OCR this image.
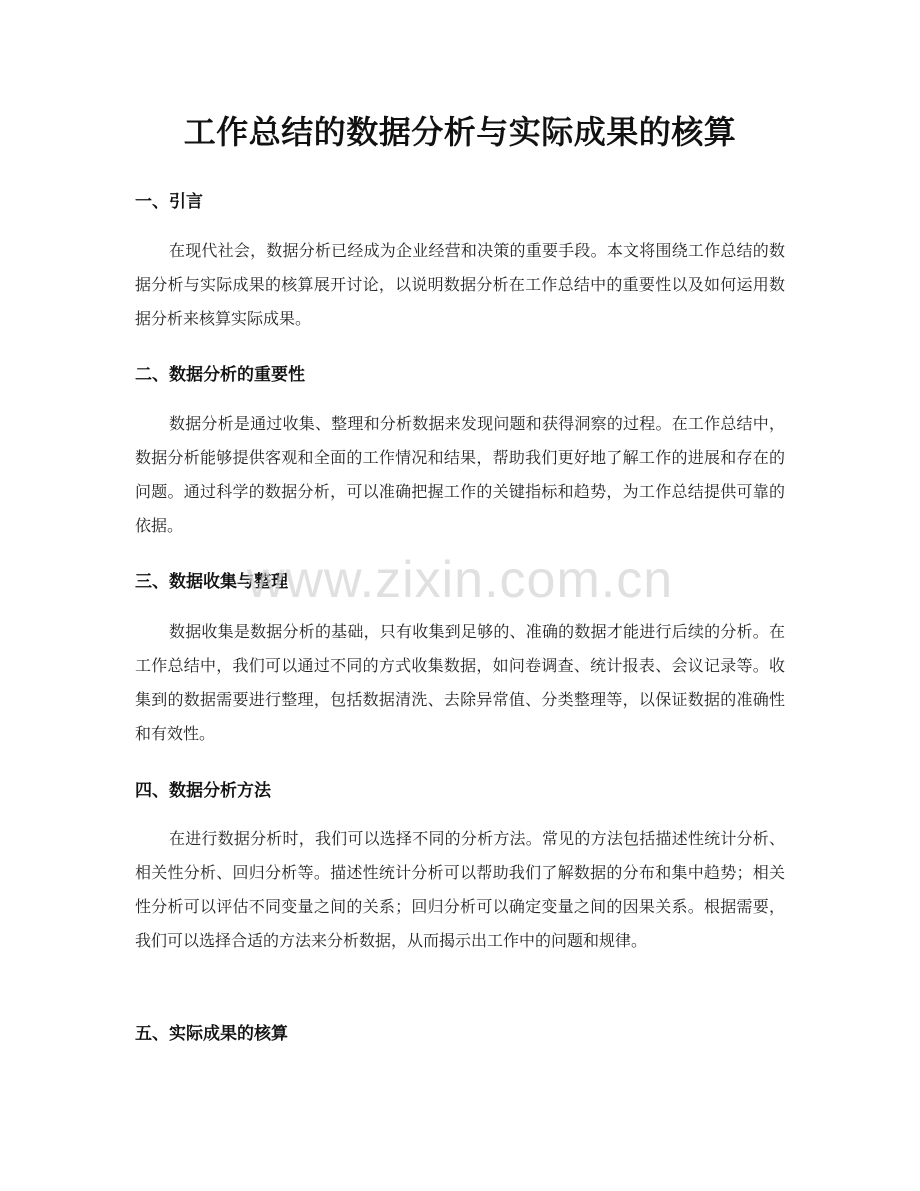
工作总结的数据分析与实际成果的核算
一、引言
在现代社会，数据分析已经成为企业经营和决策的重要手段。本文将围绕工作总结的数据分析与实际成果的核算展开讨论，以说明数据分析在工作总结中的重要性以及如何运用数据分析来核算实际成果。
二、数据分析的重要性
数据分析是通过收集、整理和分析数据来发现问题和获得洞察的过程。在工作总结中，数据分析能够提供客观和全面的工作情况和结果，帮助我们更好地了解工作的进展和存在的问题。通过科学的数据分析，可以准确把握工作的关键指标和趋势，为工作总结提供可靠的依据。
三、数据收集与整理
数据收集是数据分析的基础，只有收集到足够的、准确的数据才能进行后续的分析。在工作总结中，我们可以通过不同的方式收集数据，如问卷调查、统计报表、会议记录等。收集到的数据需要进行整理，包括数据清洗、去除异常值、分类整理等，以保证数据的准确性和有效性。
四、数据分析方法
在进行数据分析时，我们可以选择不同的分析方法。常见的方法包括描述性统计分析、相关性分析、回归分析等。描述性统计分析可以帮助我们了解数据的分布和集中趋势；相关性分析可以评估不同变量之间的关系；回归分析可以确定变量之间的因果关系。根据需要，我们可以选择合适的方法来分析数据，从而揭示出工作中的问题和规律。
五、实际成果的核算
www.zixin.com.cn
